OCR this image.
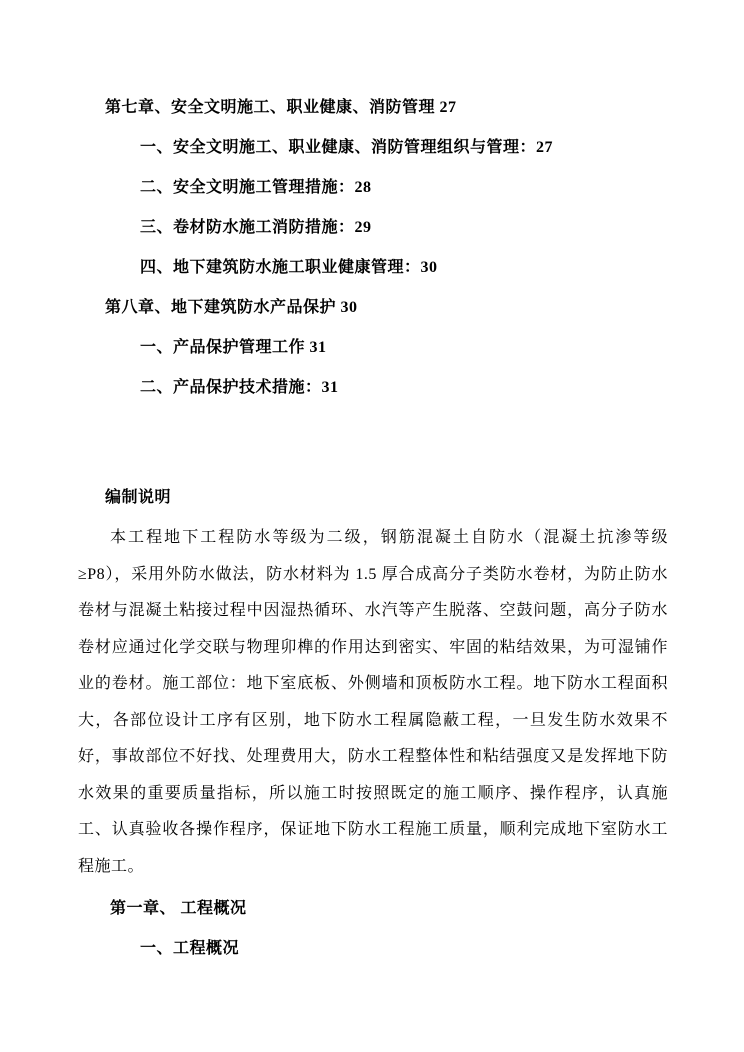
第七章、安全文明施工、职业健康、消防管理 27
一、安全文明施工、职业健康、消防管理组织与管理：27
二、安全文明施工管理措施：28
三、卷材防水施工消防措施：29
四、地下建筑防水施工职业健康管理：30
第八章、地下建筑防水产品保护 30
一、产品保护管理工作 31
二、产品保护技术措施：31
编制说明

本工程地下工程防水等级为二级，钢筋混凝土自防水（混凝土抗渗等级≥P8），采用外防水做法，防水材料为 1.5 厚合成高分子类防水卷材，为防止防水卷材与混凝土粘接过程中因湿热循环、水汽等产生脱落、空鼓问题，高分子防水卷材应通过化学交联与物理卯榫的作用达到密实、牢固的粘结效果，为可湿铺作业的卷材。施工部位：地下室底板、外侧墙和顶板防水工程。地下防水工程面积大，各部位设计工序有区别，地下防水工程属隐蔽工程，一旦发生防水效果不好，事故部位不好找、处理费用大，防水工程整体性和粘结强度又是发挥地下防水效果的重要质量指标，所以施工时按照既定的施工顺序、操作程序，认真施工、认真验收各操作程序，保证地下防水工程施工质量，顺利完成地下室防水工程施工。

第一章、 工程概况
一、工程概况
